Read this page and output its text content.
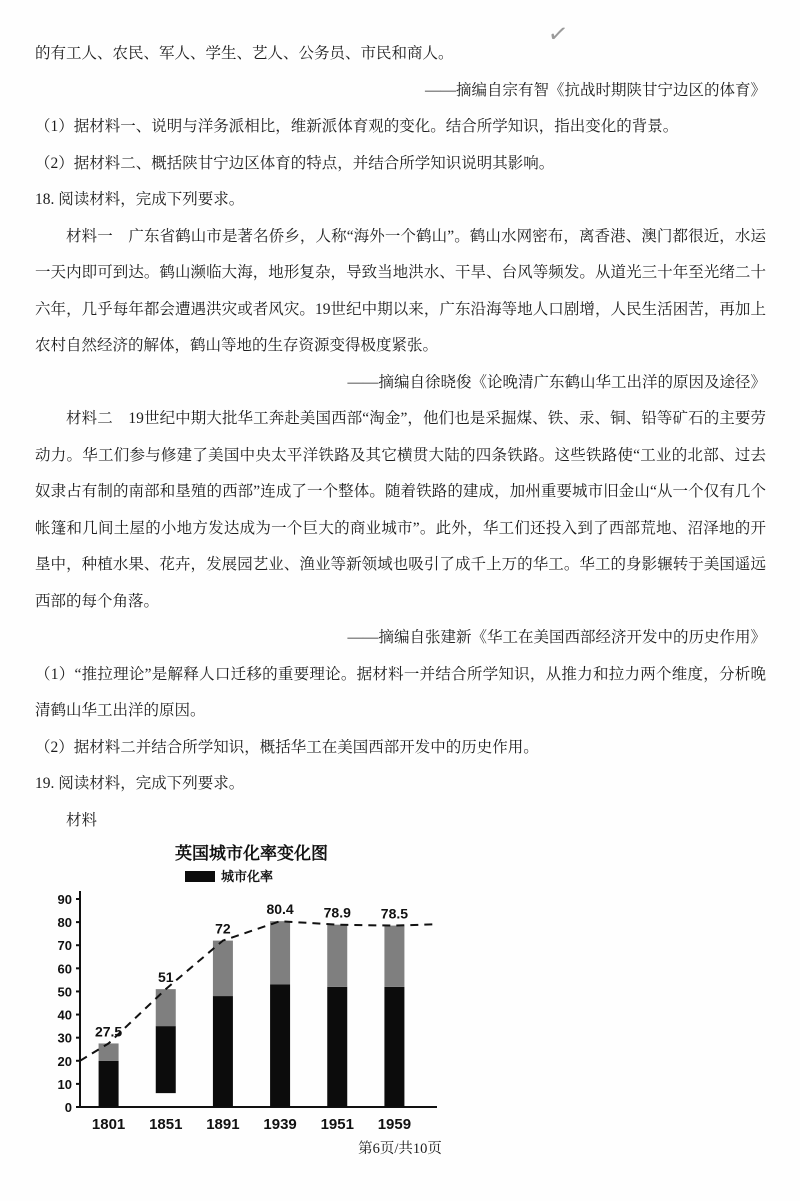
✓

的有工人、农民、军人、学生、艺人、公务员、市民和商人。

——摘编自宗有智《抗战时期陕甘宁边区的体育》

（1）据材料一、说明与洋务派相比，维新派体育观的变化。结合所学知识，指出变化的背景。

（2）据材料二、概括陕甘宁边区体育的特点，并结合所学知识说明其影响。

18. 阅读材料，完成下列要求。

材料一　广东省鹤山市是著名侨乡，人称“海外一个鹤山”。鹤山水网密布，离香港、澳门都很近，水运一天内即可到达。鹤山濒临大海，地形复杂，导致当地洪水、干旱、台风等频发。从道光三十年至光绪二十六年，几乎每年都会遭遇洪灾或者风灾。19世纪中期以来，广东沿海等地人口剧增，人民生活困苦，再加上农村自然经济的解体，鹤山等地的生存资源变得极度紧张。

——摘编自徐晓俊《论晚清广东鹤山华工出洋的原因及途径》

材料二　19世纪中期大批华工奔赴美国西部“淘金”，他们也是采掘煤、铁、汞、铜、铅等矿石的主要劳动力。华工们参与修建了美国中央太平洋铁路及其它横贯大陆的四条铁路。这些铁路使“工业的北部、过去奴隶占有制的南部和垦殖的西部”连成了一个整体。随着铁路的建成，加州重要城市旧金山“从一个仅有几个帐篷和几间土屋的小地方发达成为一个巨大的商业城市”。此外，华工们还投入到了西部荒地、沼泽地的开垦中，种植水果、花卉，发展园艺业、渔业等新领域也吸引了成千上万的华工。华工的身影辗转于美国遥远西部的每个角落。

——摘编自张建新《华工在美国西部经济开发中的历史作用》

（1）“推拉理论”是解释人口迁移的重要理论。据材料一并结合所学知识，从推力和拉力两个维度，分析晚清鹤山华工出洋的原因。

（2）据材料二并结合所学知识，概括华工在美国西部开发中的历史作用。

19. 阅读材料，完成下列要求。

材料

英国城市化率变化图
城市化率
0
10
20
30
40
50
60
70
80
90
27.5
1801
51
1851
72
1891
80.4
1939
78.9
1951
78.5
1959

第6页/共10页
